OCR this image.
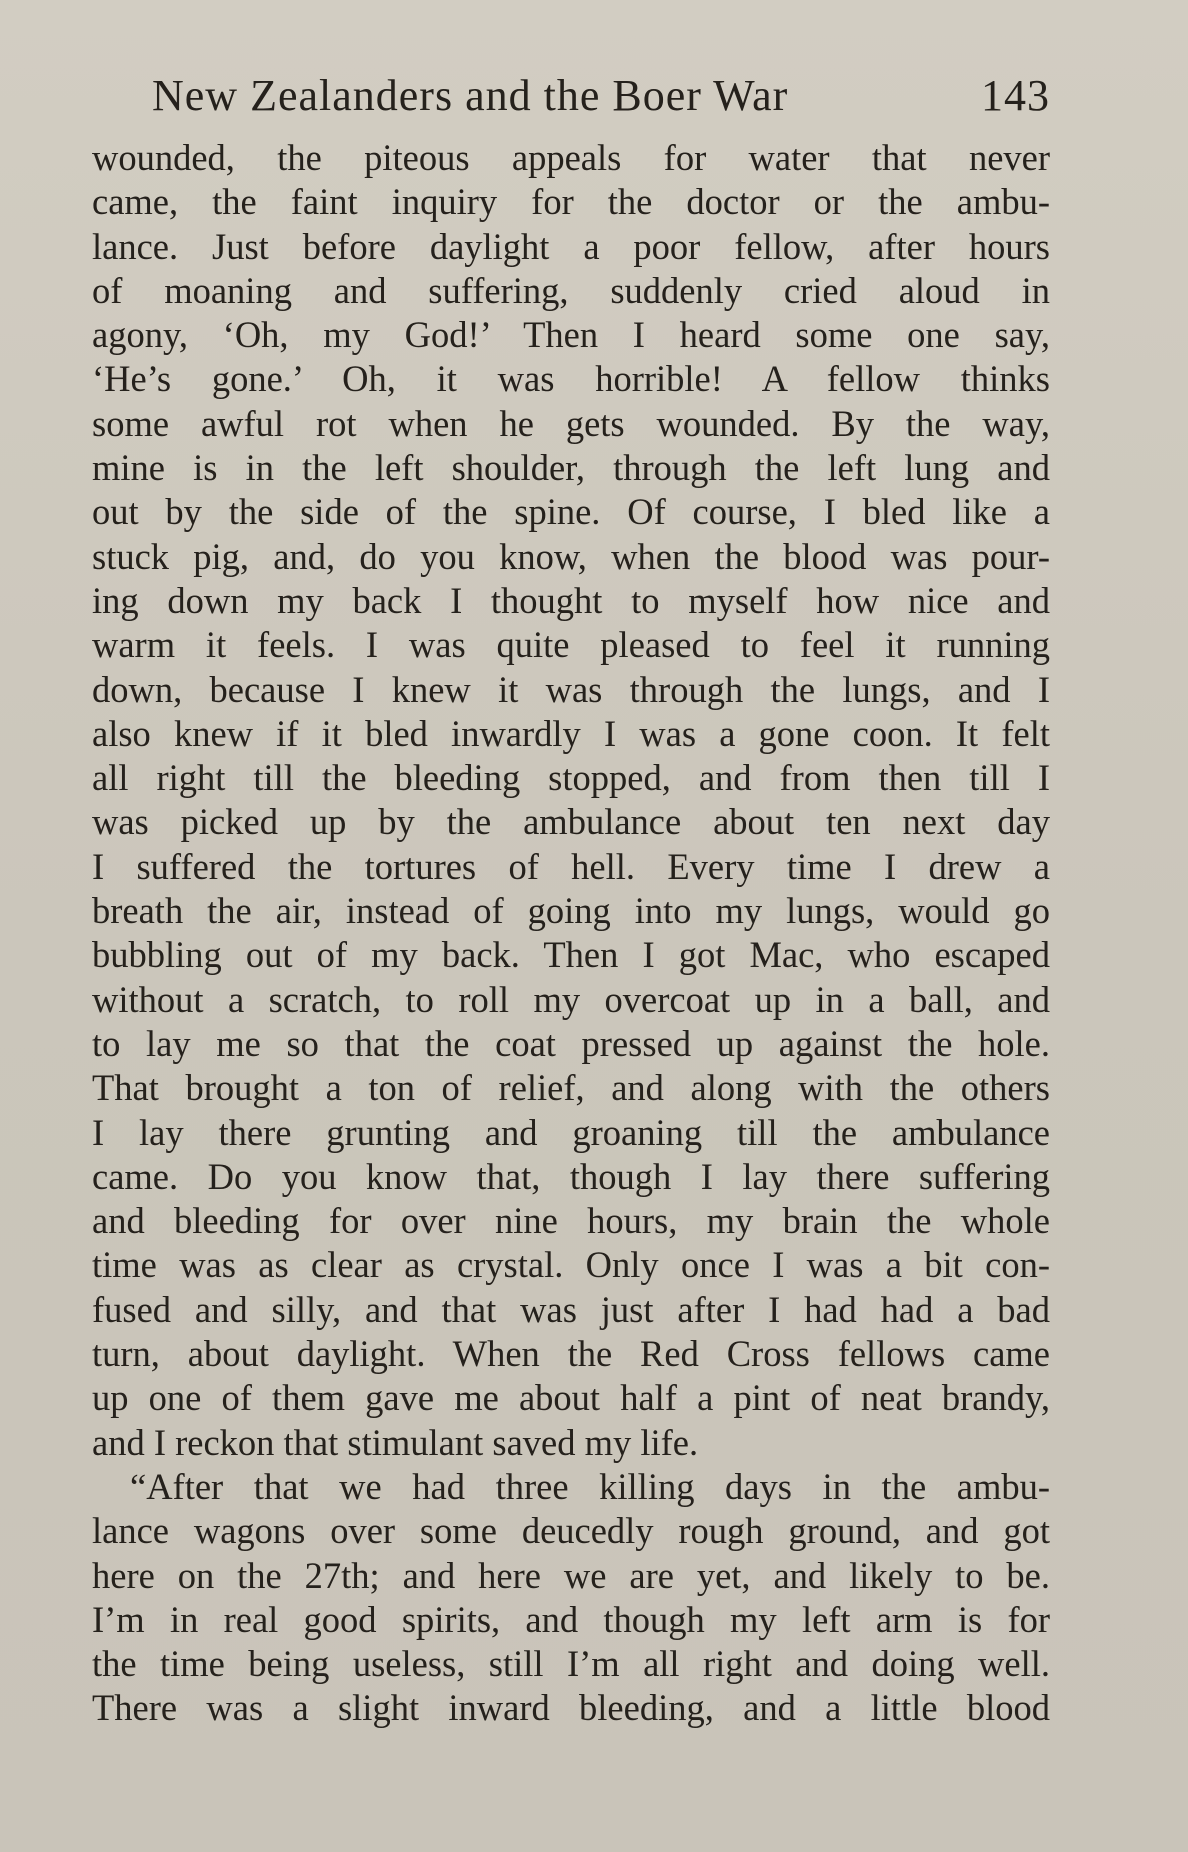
New Zealanders and the Boer War	143
wounded, the piteous appeals for water that never
came, the faint inquiry for the doctor or the ambu-
lance. Just before daylight a poor fellow, after hours
of moaning and suffering, suddenly cried aloud in
agony, ‘Oh, my God!’ Then I heard some one say,
‘He’s gone.’ Oh, it was horrible! A fellow thinks
some awful rot when he gets wounded. By the way,
mine is in the left shoulder, through the left lung and
out by the side of the spine. Of course, I bled like a
stuck pig, and, do you know, when the blood was pour-
ing down my back I thought to myself how nice and
warm it feels. I was quite pleased to feel it running
down, because I knew it was through the lungs, and I
also knew if it bled inwardly I was a gone coon. It felt
all right till the bleeding stopped, and from then till I
was picked up by the ambulance about ten next day
I suffered the tortures of hell. Every time I drew a
breath the air, instead of going into my lungs, would go
bubbling out of my back. Then I got Mac, who escaped
without a scratch, to roll my overcoat up in a ball, and
to lay me so that the coat pressed up against the hole.
That brought a ton of relief, and along with the others
I lay there grunting and groaning till the ambulance
came. Do you know that, though I lay there suffering
and bleeding for over nine hours, my brain the whole
time was as clear as crystal. Only once I was a bit con-
fused and silly, and that was just after I had had a bad
turn, about daylight. When the Red Cross fellows came
up one of them gave me about half a pint of neat brandy,
and I reckon that stimulant saved my life.
“After that we had three killing days in the ambu-
lance wagons over some deucedly rough ground, and got
here on the 27th; and here we are yet, and likely to be.
I’m in real good spirits, and though my left arm is for
the time being useless, still I’m all right and doing well.
There was a slight inward bleeding, and a little blood
